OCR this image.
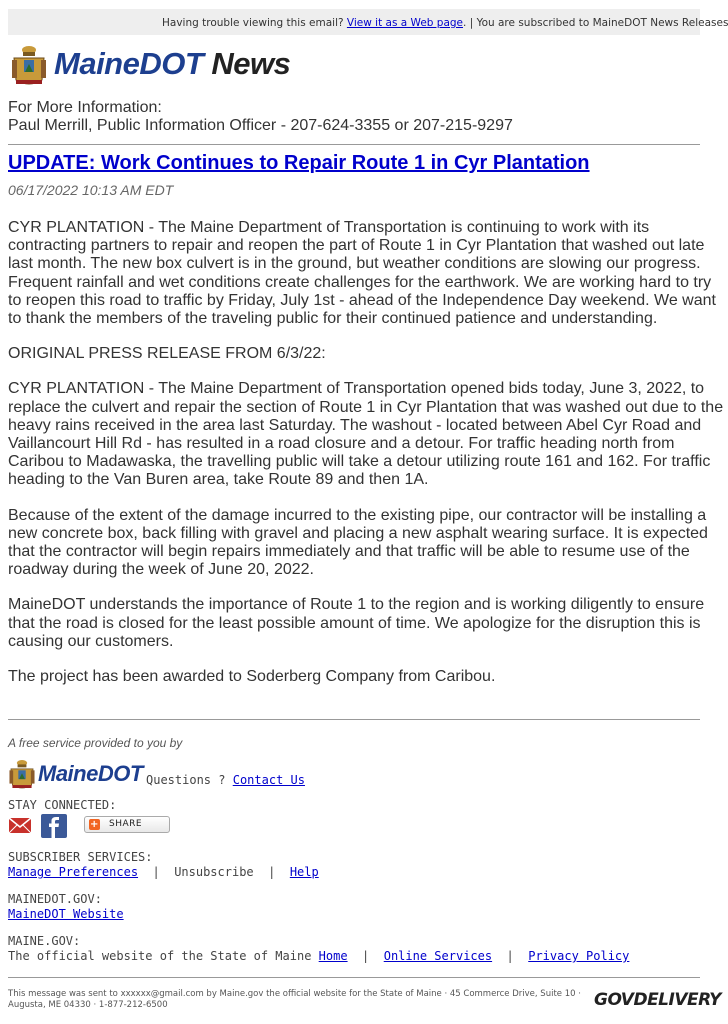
Having trouble viewing this email? View it as a Web page. | You are subscribed to MaineDOT News Releases
MaineDOT News
For More Information:
Paul Merrill, Public Information Officer - 207-624-3355 or 207-215-9297
UPDATE: Work Continues to Repair Route 1 in Cyr Plantation
06/17/2022 10:13 AM EDT

CYR PLANTATION - The Maine Department of Transportation is continuing to work with its contracting partners to repair and reopen the part of Route 1 in Cyr Plantation that washed out late last month. The new box culvert is in the ground, but weather conditions are slowing our progress. Frequent rainfall and wet conditions create challenges for the earthwork. We are working hard to try to reopen this road to traffic by Friday, July 1st - ahead of the Independence Day weekend. We want to thank the members of the traveling public for their continued patience and understanding.

ORIGINAL PRESS RELEASE FROM 6/3/22:

CYR PLANTATION - The Maine Department of Transportation opened bids today, June 3, 2022, to replace the culvert and repair the section of Route 1 in Cyr Plantation that was washed out due to the heavy rains received in the area last Saturday. The washout - located between Abel Cyr Road and Vaillancourt Hill Rd - has resulted in a road closure and a detour. For traffic heading north from Caribou to Madawaska, the travelling public will take a detour utilizing route 161 and 162. For traffic heading to the Van Buren area, take Route 89 and then 1A.

Because of the extent of the damage incurred to the existing pipe, our contractor will be installing a new concrete box, back filling with gravel and placing a new asphalt wearing surface. It is expected that the contractor will begin repairs immediately and that traffic will be able to resume use of the roadway during the week of June 20, 2022.

MaineDOT understands the importance of Route 1 to the region and is working diligently to ensure that the road is closed for the least possible amount of time. We apologize for the disruption this is causing our customers.

The project has been awarded to Soderberg Company from Caribou.

A free service provided to you by
MaineDOT Questions ? Contact Us
STAY CONNECTED:
+ SHARE
SUBSCRIBER SERVICES:
Manage Preferences | Unsubscribe | Help
MAINEDOT.GOV:
MaineDOT Website
MAINE.GOV:
The official website of the State of Maine Home | Online Services | Privacy Policy
This message was sent to xxxxxx@gmail.com by Maine.gov the official website for the State of Maine · 45 Commerce Drive, Suite 10 · Augusta, ME 04330 · 1-877-212-6500	GOVDELIVERY
